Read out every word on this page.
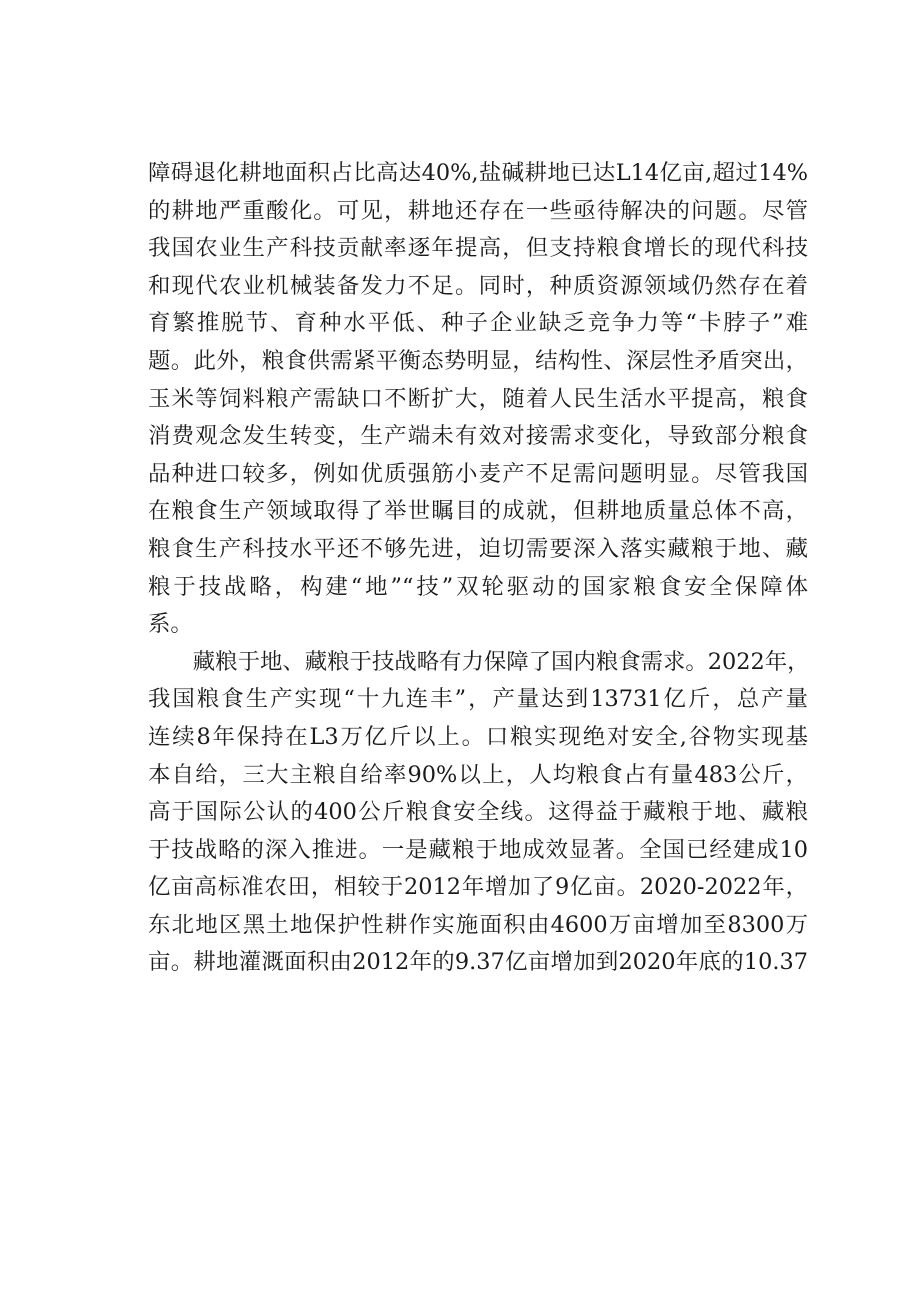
障碍退化耕地面积占比高达40%,盐碱耕地已达L14亿亩,超过14%
的耕地严重酸化。可见，耕地还存在一些亟待解决的问题。尽管
我国农业生产科技贡献率逐年提高，但支持粮食增长的现代科技
和现代农业机械装备发力不足。同时，种质资源领域仍然存在着
育繁推脱节、育种水平低、种子企业缺乏竞争力等“卡脖子”难
题。此外，粮食供需紧平衡态势明显，结构性、深层性矛盾突出，
玉米等饲料粮产需缺口不断扩大，随着人民生活水平提高，粮食
消费观念发生转变，生产端未有效对接需求变化，导致部分粮食
品种进口较多，例如优质强筋小麦产不足需问题明显。尽管我国
在粮食生产领域取得了举世瞩目的成就，但耕地质量总体不高，
粮食生产科技水平还不够先进，迫切需要深入落实藏粮于地、藏
粮于技战略，构建“地”“技”双轮驱动的国家粮食安全保障体
系。
藏粮于地、藏粮于技战略有力保障了国内粮食需求。2022年，
我国粮食生产实现“十九连丰”，产量达到13731亿斤，总产量
连续8年保持在L3万亿斤以上。口粮实现绝对安全,谷物实现基
本自给，三大主粮自给率90%以上，人均粮食占有量483公斤，
高于国际公认的400公斤粮食安全线。这得益于藏粮于地、藏粮
于技战略的深入推进。一是藏粮于地成效显著。全国已经建成10
亿亩高标准农田，相较于2012年增加了9亿亩。2020-2022年，
东北地区黑土地保护性耕作实施面积由4600万亩增加至8300万
亩。耕地灌溉面积由2012年的9.37亿亩增加到2020年底的10.37
